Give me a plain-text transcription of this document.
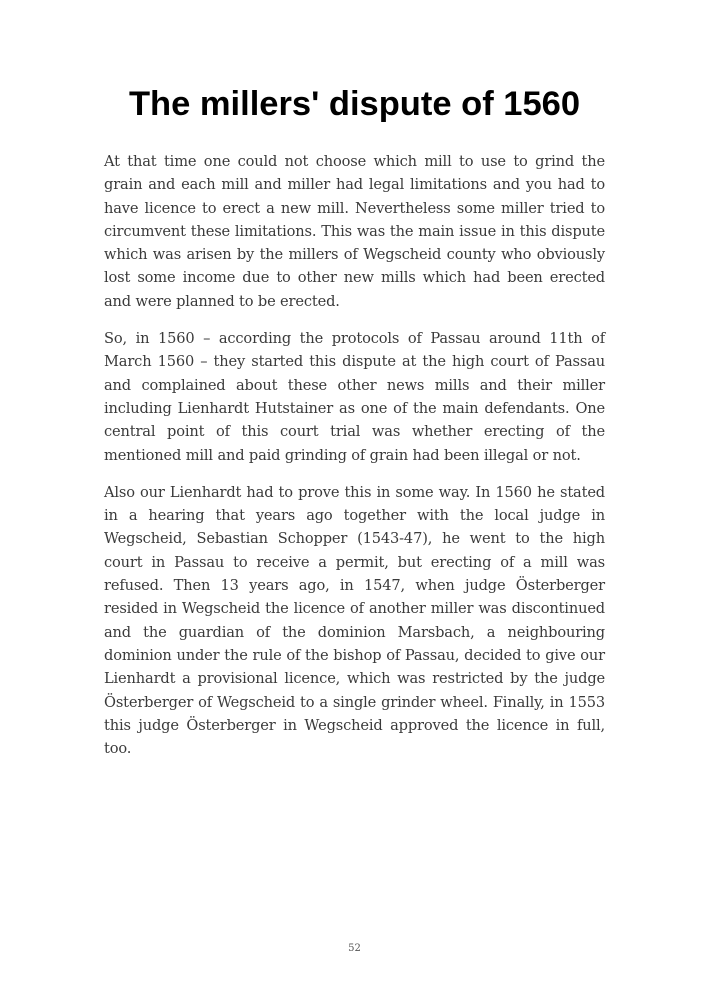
The millers' dispute of 1560

At that time one could not choose which mill to use to grind the grain and each mill and miller had legal limitations and you had to have licence to erect a new mill. Nevertheless some miller tried to circumvent these limitations. This was the main issue in this dispute which was arisen by the millers of Wegscheid county who obviously lost some income due to other new mills which had been erected and were planned to be erected.

So, in 1560 – according the protocols of Passau around 11th of March 1560 – they started this dispute at the high court of Passau and complained about these other news mills and their miller including Lienhardt Hutstainer as one of the main defendants. One central point of this court trial was whether erecting of the mentioned mill and paid grinding of grain had been illegal or not.

Also our Lienhardt had to prove this in some way. In 1560 he stated in a hearing that years ago together with the local judge in Wegscheid, Sebastian Schopper (1543-47), he went to the high court in Passau to receive a permit, but erecting of a mill was refused. Then 13 years ago, in 1547, when judge Österberger resided in Wegscheid the licence of another miller was discontinued and the guardian of the dominion Marsbach, a neighbouring dominion under the rule of the bishop of Passau, decided to give our Lienhardt a provisional licence, which was restricted by the judge Österberger of Wegscheid to a single grinder wheel. Finally, in 1553 this judge Österberger in Wegscheid approved the licence in full, too.

52
